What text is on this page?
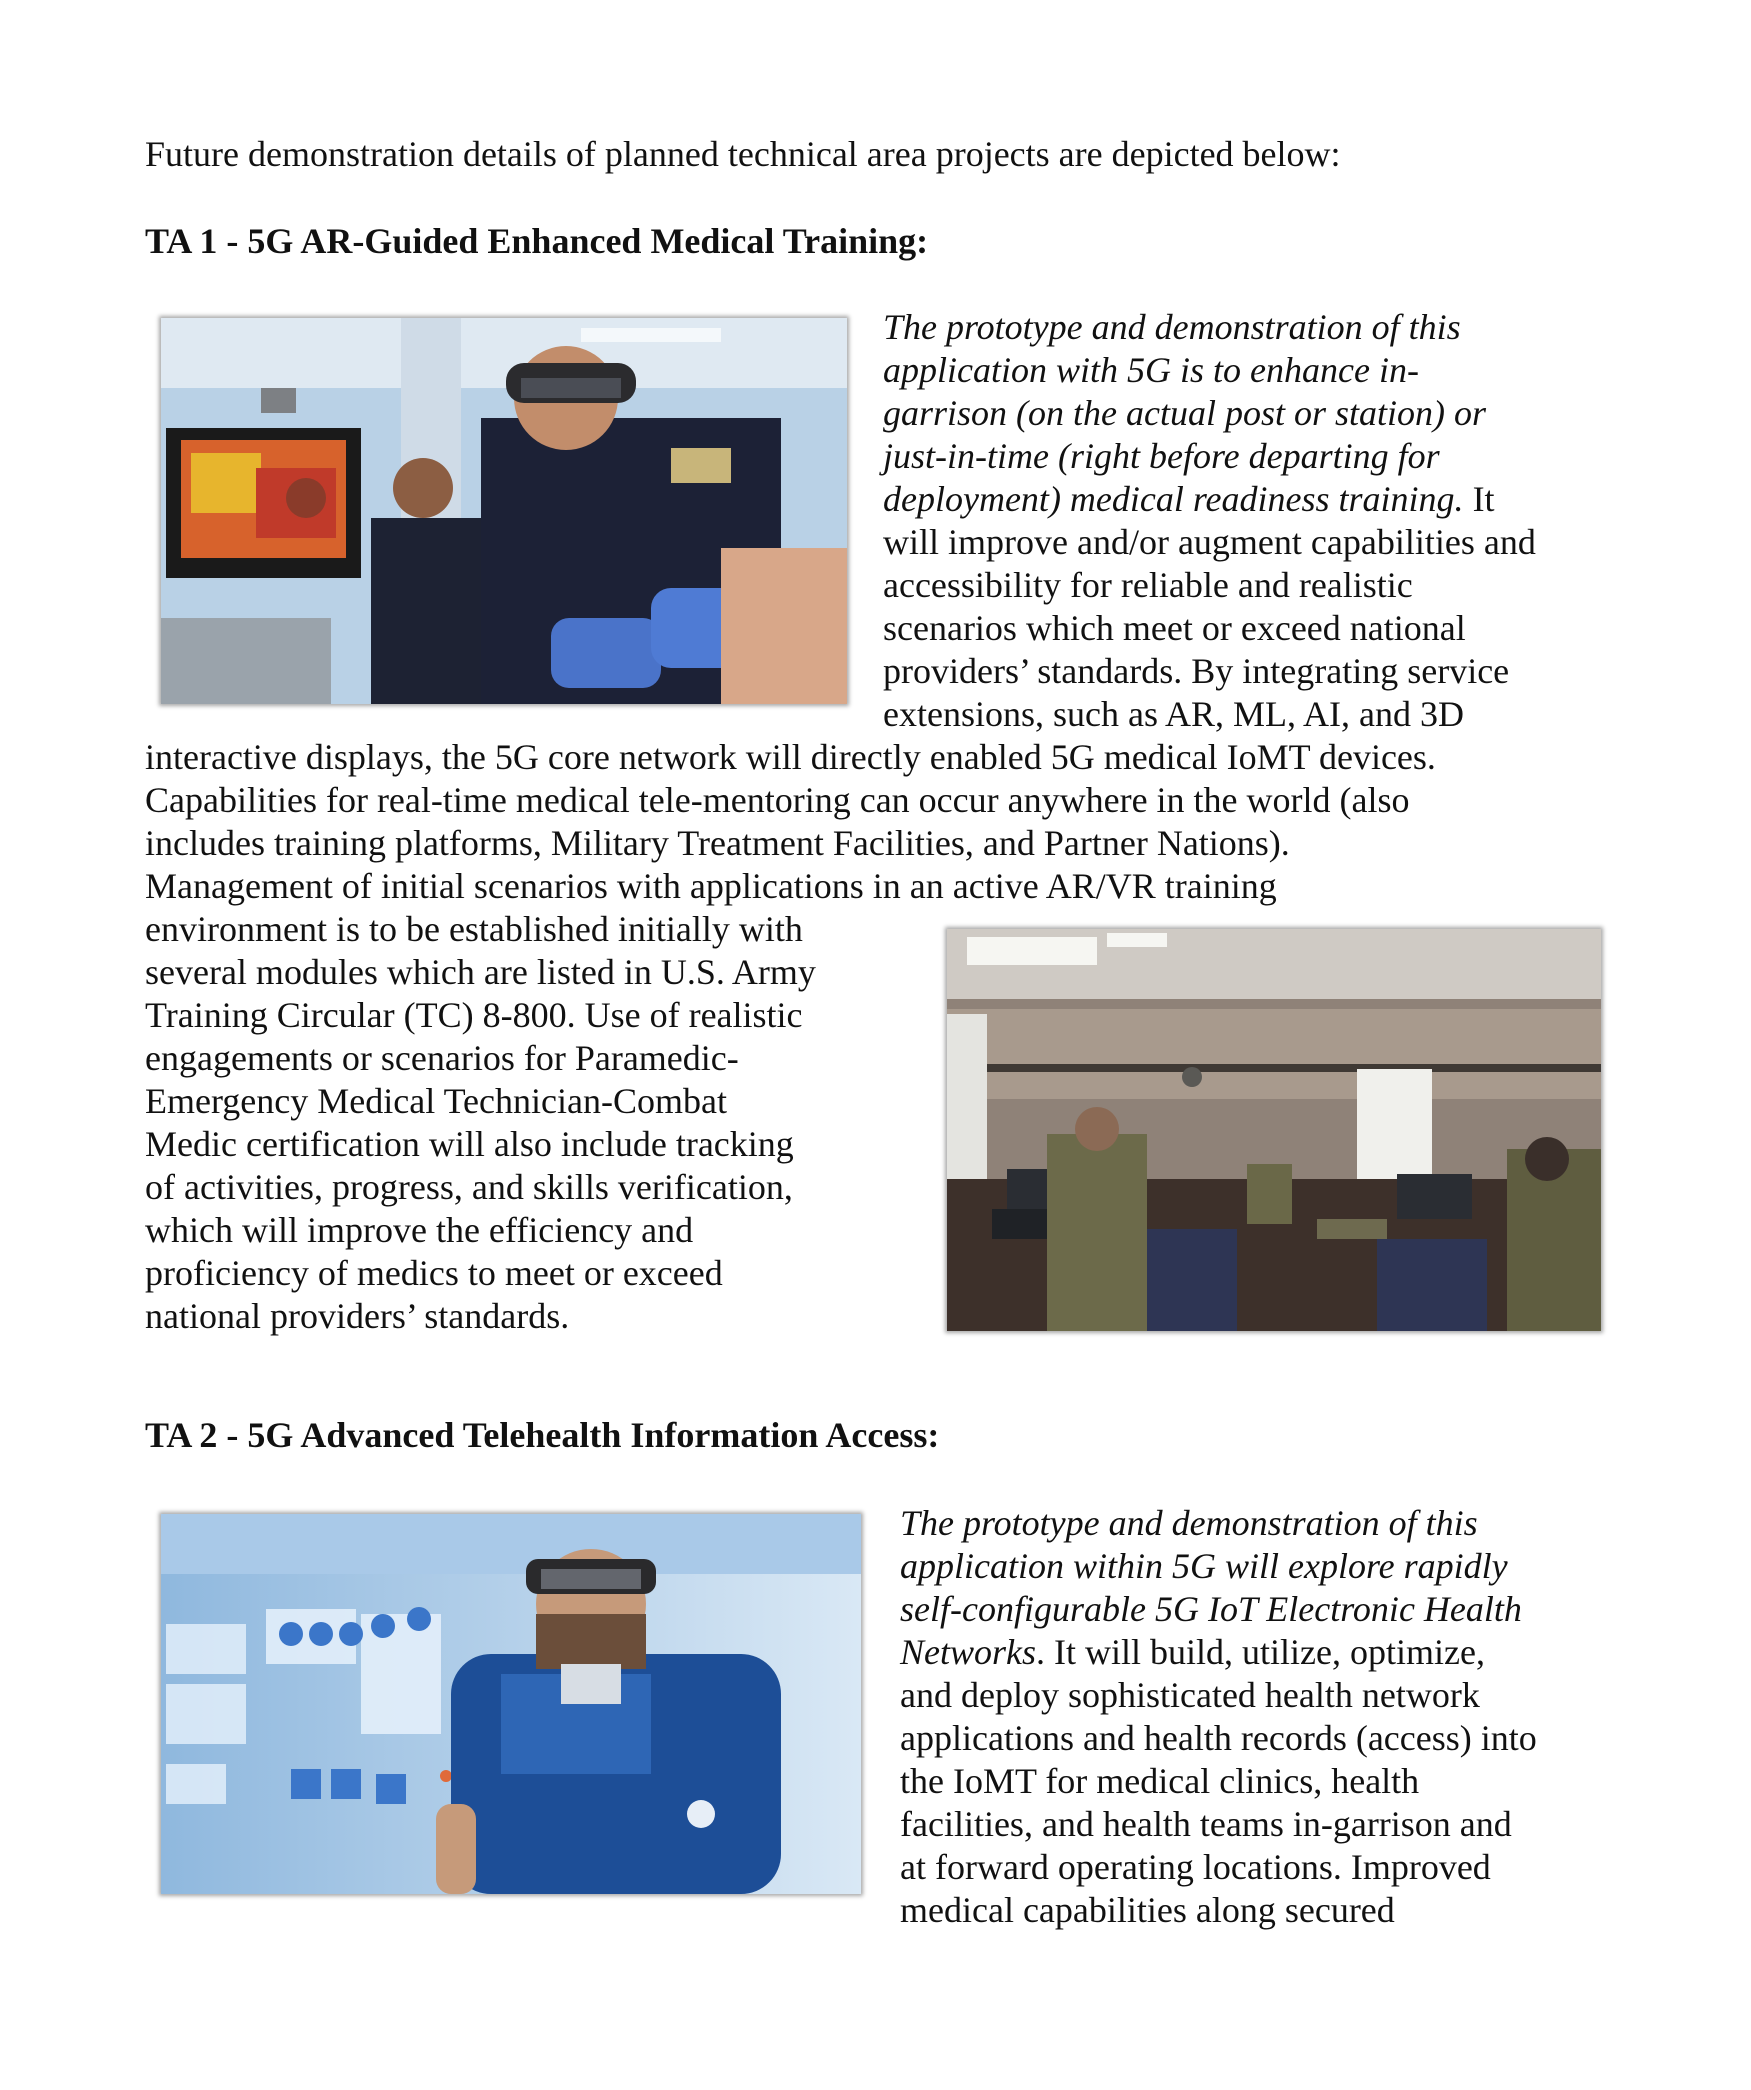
Future demonstration details of planned technical area projects are depicted below:
TA 1 - 5G AR-Guided Enhanced Medical Training:
The prototype and demonstration of this
application with 5G is to enhance in-
garrison (on the actual post or station) or
just-in-time (right before departing for
deployment) medical readiness training. It
will improve and/or augment capabilities and
accessibility for reliable and realistic
scenarios which meet or exceed national
providers’ standards. By integrating service
extensions, such as AR, ML, AI, and 3D
interactive displays, the 5G core network will directly enabled 5G medical IoMT devices.
Capabilities for real-time medical tele-mentoring can occur anywhere in the world (also
includes training platforms, Military Treatment Facilities, and Partner Nations).
Management of initial scenarios with applications in an active AR/VR training
environment is to be established initially with
several modules which are listed in U.S. Army
Training Circular (TC) 8-800. Use of realistic
engagements or scenarios for Paramedic-
Emergency Medical Technician-Combat
Medic certification will also include tracking
of activities, progress, and skills verification,
which will improve the efficiency and
proficiency of medics to meet or exceed
national providers’ standards.
TA 2 - 5G Advanced Telehealth Information Access:
The prototype and demonstration of this
application within 5G will explore rapidly
self-configurable 5G IoT Electronic Health
Networks. It will build, utilize, optimize,
and deploy sophisticated health network
applications and health records (access) into
the IoMT for medical clinics, health
facilities, and health teams in-garrison and
at forward operating locations. Improved
medical capabilities along secured
